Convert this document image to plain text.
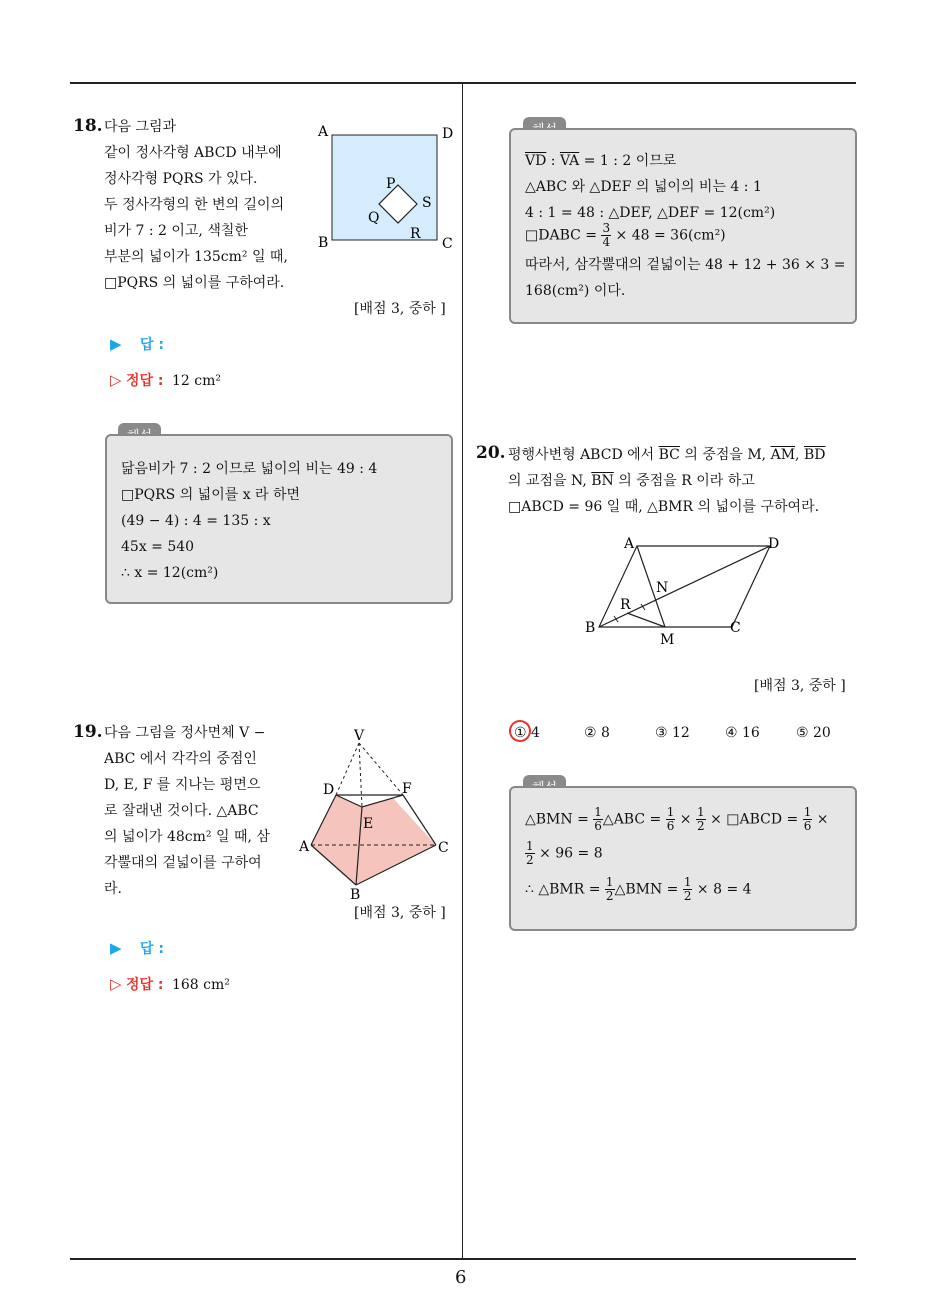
6
18. 다음 그림과
같이 정사각형 ABCD 내부에
정사각형 PQRS 가 있다.
두 정사각형의 한 변의 길이의
비가 7 : 2 이고, 색칠한
부분의 넓이가 135cm² 일 때,
□PQRS 의 넓이를 구하여라.
A	D
B	C
P
S
Q
R
[배점 3, 중하 ]
▶ 답 :
▷ 정답 : 12 cm²
닮음비가 7 : 2 이므로 넓이의 비는 49 : 4
□PQRS 의 넓이를 x 라 하면
(49 − 4) : 4 = 135 : x
45x = 540
∴ x = 12(cm²)
19. 다음 그림을 정사면체 V −
ABC 에서 각각의 중점인
D, E, F 를 지나는 평면으
로 잘래낸 것이다. △ABC
의 넓이가 48cm² 일 때, 삼
각뿔대의 겉넓이를 구하여
라.
V
D	F
E
A	C
B
[배점 3, 중하 ]
▶ 답 :
▷ 정답 : 168 cm²
$\overline{VD}$ : $\overline{VA} = 1$ : 2 이므로
△ABC 와 △DEF 의 넓이의 비는 4 : 1
4 : 1 = 48 : △DEF, △DEF = 12(cm²)
□DABC = $\frac{3}{4} \times 48 = 36(cm^2)$
따라서, 삼각뿔대의 겉넓이는 48 + 12 + 36 × 3 =
168(cm²) 이다.
20. 평행사변형 ABCD 에서 $\overline{BC}$ 의 중점을 M, $\overline{AM}$, $\overline{BD}$
의 교점을 N, $\overline{BN}$ 의 중점을 R 이라 하고
□ABCD = 96 일 때, △BMR 의 넓이를 구하여라.
A	D
N
R
B
M
C
[배점 3, 중하 ]
① 4	② 8	③ 12	④ 16	⑤ 20
△BMN = $\frac{1}{6}$ △ABC = $\frac{1}{6} \times \frac{1}{2}$ × □ABCD = $\frac{1}{6}$ ×
$\frac{1}{2} \times 96 = 8$
∴ △BMR = $\frac{1}{2}$ △BMN = $\frac{1}{2} \times 8 = 4$
